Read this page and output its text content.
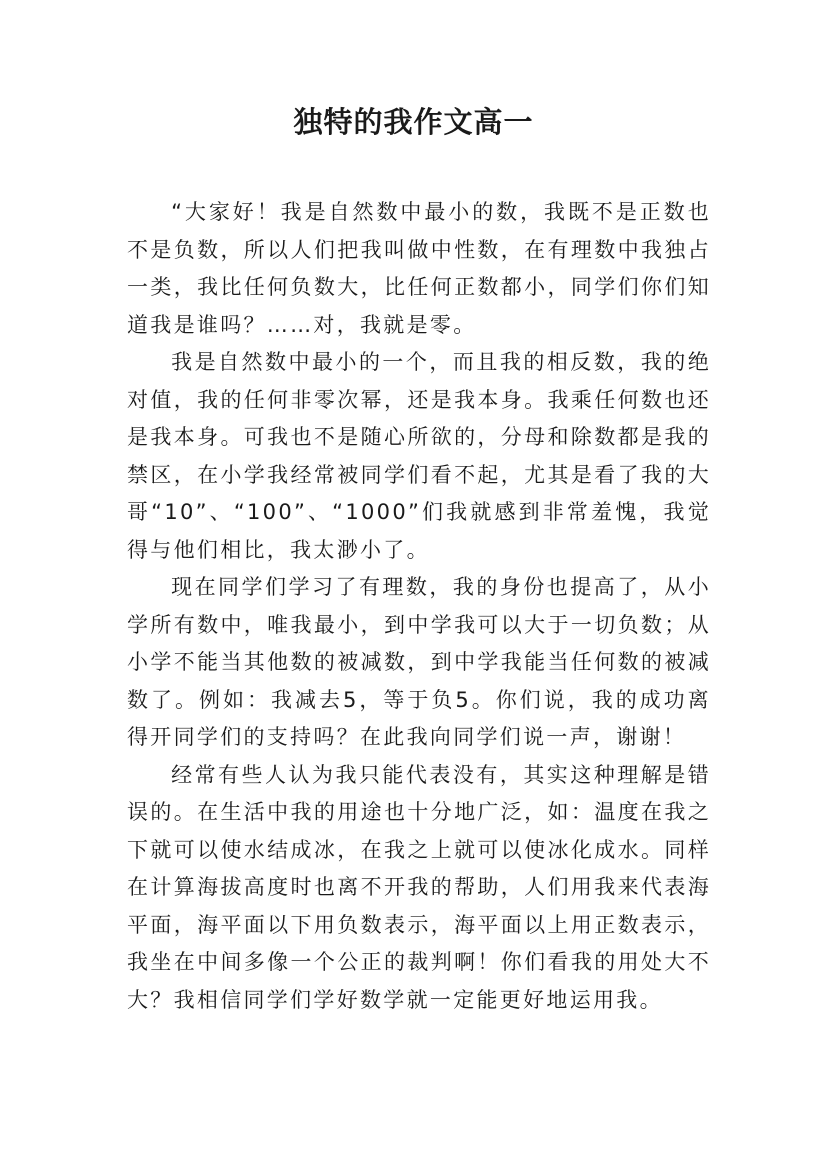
独特的我作文高一

“大家好！我是自然数中最小的数，我既不是正数也不是负数，所以人们把我叫做中性数，在有理数中我独占一类，我比任何负数大，比任何正数都小，同学们你们知道我是谁吗？……对，我就是零。

我是自然数中最小的一个，而且我的相反数，我的绝对值，我的任何非零次幂，还是我本身。我乘任何数也还是我本身。可我也不是随心所欲的，分母和除数都是我的禁区，在小学我经常被同学们看不起，尤其是看了我的大哥“10”、“100”、“1000”们我就感到非常羞愧，我觉得与他们相比，我太渺小了。

现在同学们学习了有理数，我的身份也提高了，从小学所有数中，唯我最小，到中学我可以大于一切负数；从小学不能当其他数的被减数，到中学我能当任何数的被减数了。例如：我减去5，等于负5。你们说，我的成功离得开同学们的支持吗？在此我向同学们说一声，谢谢！

经常有些人认为我只能代表没有，其实这种理解是错误的。在生活中我的用途也十分地广泛，如：温度在我之下就可以使水结成冰，在我之上就可以使冰化成水。同样在计算海拔高度时也离不开我的帮助，人们用我来代表海平面，海平面以下用负数表示，海平面以上用正数表示，我坐在中间多像一个公正的裁判啊！你们看我的用处大不大？我相信同学们学好数学就一定能更好地运用我。
